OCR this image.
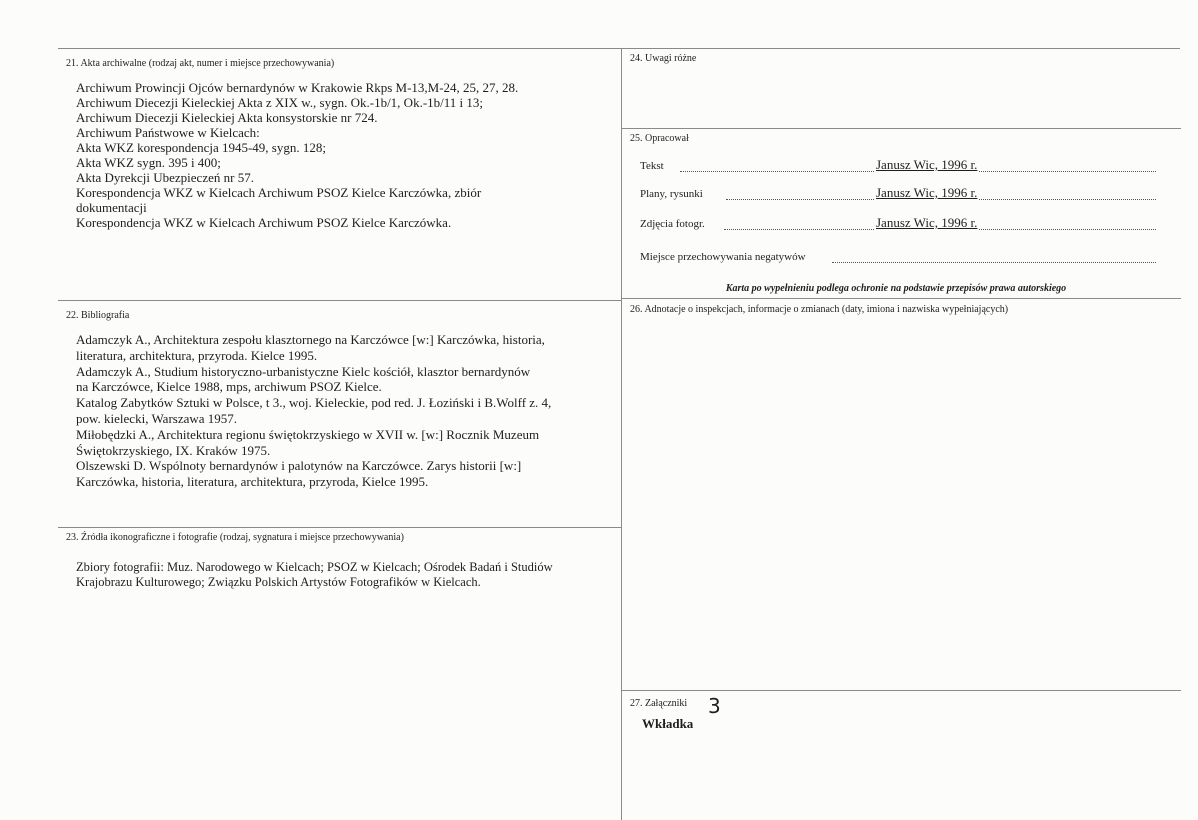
21. Akta archiwalne (rodzaj akt, numer i miejsce przechowywania)
Archiwum Prowincji Ojców bernardynów w Krakowie Rkps M-13,M-24, 25, 27, 28.
Archiwum Diecezji Kieleckiej Akta z XIX w., sygn. Ok.-1b/1, Ok.-1b/11 i 13;
Archiwum Diecezji Kieleckiej Akta konsystorskie nr 724.
Archiwum Państwowe w Kielcach:
Akta WKZ korespondencja 1945-49, sygn. 128;
Akta WKZ sygn. 395 i 400;
Akta Dyrekcji Ubezpieczeń nr 57.
Korespondencja WKZ w Kielcach Archiwum PSOZ Kielce Karczówka, zbiór
dokumentacji
Korespondencja WKZ w Kielcach Archiwum PSOZ Kielce Karczówka.
22. Bibliografia
Adamczyk A., Architektura zespołu klasztornego na Karczówce [w:] Karczówka, historia,
literatura, architektura, przyroda. Kielce 1995.
Adamczyk A., Studium historyczno-urbanistyczne Kielc kościół, klasztor bernardynów
na Karczówce, Kielce 1988, mps, archiwum PSOZ Kielce.
Katalog Zabytków Sztuki w Polsce, t 3., woj. Kieleckie, pod red. J. Łoziński i B.Wolff z. 4,
pow. kielecki, Warszawa 1957.
Miłobędzki A., Architektura regionu świętokrzyskiego w XVII w. [w:] Rocznik Muzeum
Świętokrzyskiego, IX. Kraków 1975.
Olszewski D. Wspólnoty bernardynów i palotynów na Karczówce. Zarys historii [w:]
Karczówka, historia, literatura, architektura, przyroda, Kielce 1995.
23. Źródła ikonograficzne i fotografie (rodzaj, sygnatura i miejsce przechowywania)
Zbiory fotografii: Muz. Narodowego w Kielcach; PSOZ w Kielcach; Ośrodek Badań i Studiów
Krajobrazu Kulturowego; Związku Polskich Artystów Fotografików w Kielcach.
24. Uwagi różne
25. Opracował
Tekst	Janusz Wic, 1996 r.
Plany, rysunki	Janusz Wic, 1996 r.
Zdjęcia fotogr.	Janusz Wic, 1996 r.
Miejsce przechowywania negatywów
Karta po wypełnieniu podlega ochronie na podstawie przepisów prawa autorskiego
26. Adnotacje o inspekcjach, informacje o zmianach (daty, imiona i nazwiska wypełniających)
27. Załączniki 3
Wkładka
